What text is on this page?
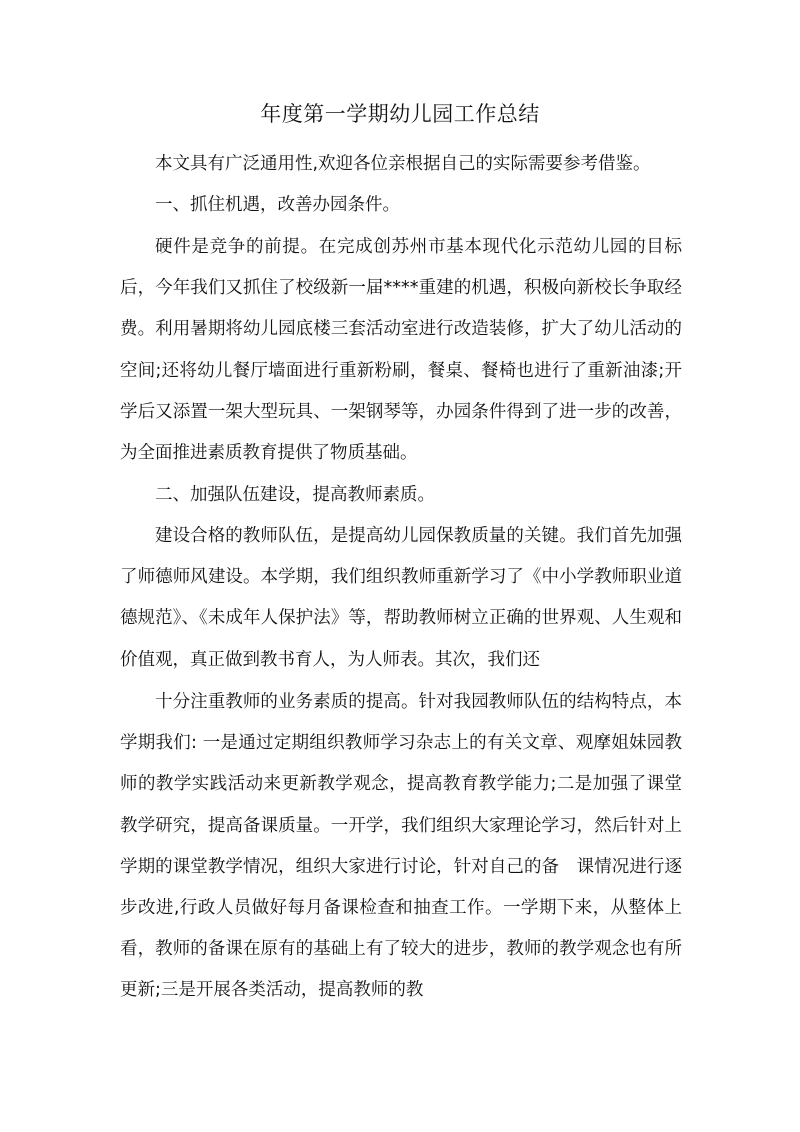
年度第一学期幼儿园工作总结

本文具有广泛通用性,欢迎各位亲根据自己的实际需要参考借鉴。

一、抓住机遇，改善办园条件。

硬件是竞争的前提。在完成创苏州市基本现代化示范幼儿园的目标后，今年我们又抓住了校级新一届****重建的机遇，积极向新校长争取经费。利用暑期将幼儿园底楼三套活动室进行改造装修，扩大了幼儿活动的空间;还将幼儿餐厅墙面进行重新粉刷，餐桌、餐椅也进行了重新油漆;开学后又添置一架大型玩具、一架钢琴等，办园条件得到了进一步的改善，为全面推进素质教育提供了物质基础。

二、加强队伍建设，提高教师素质。

建设合格的教师队伍，是提高幼儿园保教质量的关键。我们首先加强了师德师风建设。本学期，我们组织教师重新学习了《中小学教师职业道德规范》、《未成年人保护法》等，帮助教师树立正确的世界观、人生观和价值观，真正做到教书育人，为人师表。其次，我们还

十分注重教师的业务素质的提高。针对我园教师队伍的结构特点，本学期我们: 一是通过定期组织教师学习杂志上的有关文章、观摩姐妹园教师的教学实践活动来更新教学观念，提高教育教学能力;二是加强了课堂教学研究，提高备课质量。一开学，我们组织大家理论学习，然后针对上学期的课堂教学情况，组织大家进行讨论，针对自己的备　课情况进行逐步改进,行政人员做好每月备课检查和抽查工作。一学期下来，从整体上看，教师的备课在原有的基础上有了较大的进步，教师的教学观念也有所更新;三是开展各类活动，提高教师的教
